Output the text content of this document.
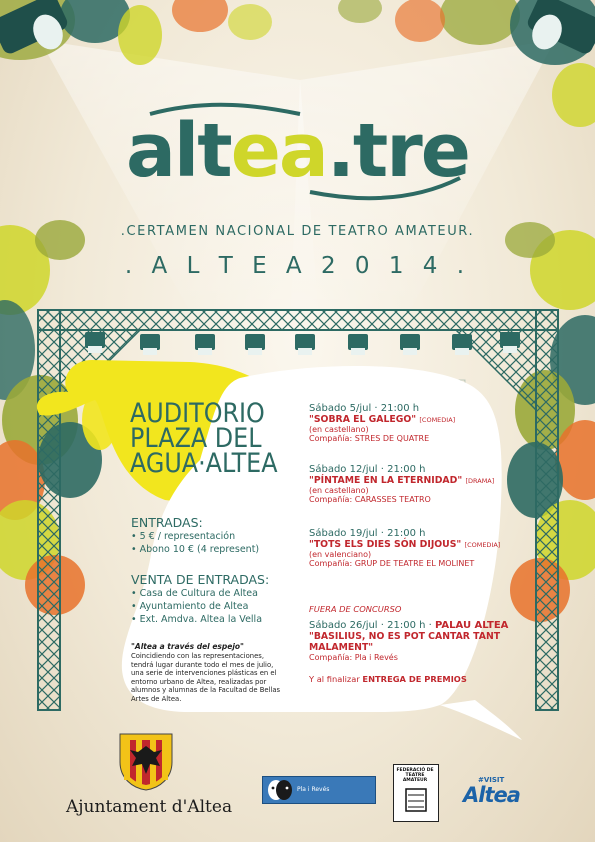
altea.tre
.CERTAMEN NACIONAL DE TEATRO AMATEUR.
. A L T E A 2 0 1 4 .
AUDITORIO
PLAZA DEL
AGUA·ALTEA
ENTRADAS:
• 5 € / representación
• Abono 10 € (4 represent)
VENTA DE ENTRADAS:
• Casa de Cultura de Altea
• Ayuntamiento de Altea
• Ext. Amdva. Altea la Vella
"Altea a través del espejo"
Coincidiendo con las representaciones, tendrá lugar durante todo el mes de julio, una serie de intervenciones plásticas en el entorno urbano de Altea, realizadas por alumnos y alumnas de la Facultad de Bellas Artes de Altea.
Sábado 5/jul · 21:00 h
"SOBRA EL GALEGO" [COMEDIA]
(en castellano)
Compañía: STRES DE QUATRE
Sábado 12/jul · 21:00 h
"PÍNTAME EN LA ETERNIDAD" [DRAMA]
(en castellano)
Compañía: CARASSES TEATRO
Sábado 19/jul · 21:00 h
"TOTS ELS DIES SÓN DIJOUS" [COMEDIA]
(en valenciano)
Compañía: GRUP DE TEATRE EL MOLINET
FUERA DE CONCURSO
Sábado 26/jul · 21:00 h · PALAU ALTEA
"BASILIUS, NO ES POT CANTAR TANT
MALAMENT"
Compañía: Pla i Revés
Y al finalizar ENTREGA DE PREMIOS
Ajuntament d'Altea
Pla i Revés
FEDERACIÓ DE TEATRE AMATEUR	#VISIT
Altea
